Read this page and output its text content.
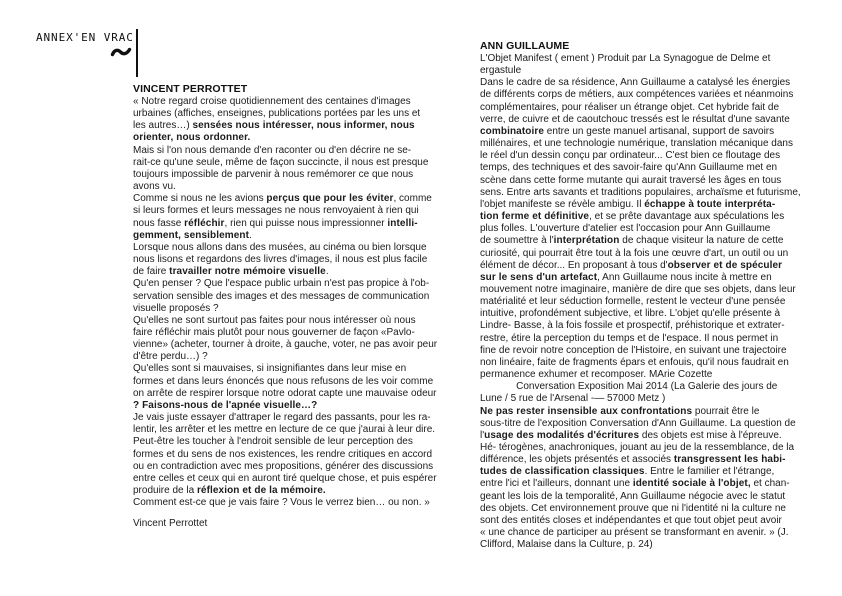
ANNEX'EN VRAC
VINCENT PERROTTET
« Notre regard croise quotidiennement des centaines d'images
urbaines (affiches, enseignes, publications portées par les uns et
les autres…) sensées nous intéresser, nous informer, nous
orienter, nous ordonner.
Mais si l'on nous demande d'en raconter ou d'en décrire ne se-
rait-ce qu'une seule, même de façon succincte, il nous est presque
toujours impossible de parvenir à nous remémorer ce que nous
avons vu.
Comme si nous ne les avions perçus que pour les éviter, comme
si leurs formes et leurs messages ne nous renvoyaient à rien qui
nous fasse réfléchir, rien qui puisse nous impressionner intelli-
gemment, sensiblement.
Lorsque nous allons dans des musées, au cinéma ou bien lorsque
nous lisons et regardons des livres d'images, il nous est plus facile
de faire travailler notre mémoire visuelle.
Qu'en penser ? Que l'espace public urbain n'est pas propice à l'ob-
servation sensible des images et des messages de communication
visuelle proposés ?
Qu'elles ne sont surtout pas faites pour nous intéresser où nous
faire réfléchir mais plutôt pour nous gouverner de façon «Pavlo-
vienne» (acheter, tourner à droite, à gauche, voter, ne pas avoir peur
d'être perdu…) ?
Qu'elles sont si mauvaises, si insignifiantes dans leur mise en
formes et dans leurs énoncés que nous refusons de les voir comme
on arrête de respirer lorsque notre odorat capte une mauvaise odeur
? Faisons-nous de l'apnée visuelle…?
Je vais juste essayer d'attraper le regard des passants, pour les ra-
lentir, les arrêter et les mettre en lecture de ce que j'aurai à leur dire.
Peut-être les toucher à l'endroit sensible de leur perception des
formes et du sens de nos existences, les rendre critiques en accord
ou en contradiction avec mes propositions, générer des discussions
entre celles et ceux qui en auront tiré quelque chose, et puis espérer
produire de la réflexion et de la mémoire.
Comment est-ce que je vais faire ? Vous le verrez bien… ou non. »
Vincent Perrottet
ANN GUILLAUME
L'Objet Manifest ( ement ) Produit par La Synagogue de Delme et
ergastule
Dans le cadre de sa résidence, Ann Guillaume a catalysé les énergies
de différents corps de métiers, aux compétences variées et néanmoins
complémentaires, pour réaliser un étrange objet. Cet hybride fait de
verre, de cuivre et de caoutchouc tressés est le résultat d'une savante
combinatoire entre un geste manuel artisanal, support de savoirs
millénaires, et une technologie numérique, translation mécanique dans
le réel d'un dessin conçu par ordinateur... C'est bien ce floutage des
temps, des techniques et des savoir-faire qu'Ann Guillaume met en
scène dans cette forme mutante qui aurait traversé les âges en tous
sens. Entre arts savants et traditions populaires, archaïsme et futurisme,
l'objet manifeste se révèle ambigu. Il échappe à toute interpréta-
tion ferme et définitive, et se prête davantage aux spéculations les
plus folles. L'ouverture d'atelier est l'occasion pour Ann Guillaume
de soumettre à l'interprétation de chaque visiteur la nature de cette
curiosité, qui pourrait être tout à la fois une œuvre d'art, un outil ou un
élément de décor... En proposant à tous d'observer et de spéculer
sur le sens d'un artefact, Ann Guillaume nous incite à mettre en
mouvement notre imaginaire, manière de dire que ses objets, dans leur
matérialité et leur séduction formelle, restent le vecteur d'une pensée
intuitive, profondément subjective, et libre. L'objet qu'elle présente à
Lindre- Basse, à la fois fossile et prospectif, préhistorique et extrater-
restre, étire la perception du temps et de l'espace. Il nous permet in
fine de revoir notre conception de l'Histoire, en suivant une trajectoire
non linéaire, faite de fragments épars et enfouis, qu'il nous faudrait en
permanence exhumer et recomposer. MArie Cozette
Conversation Exposition Mai 2014 (La Galerie des jours de
Lune / 5 rue de l'Arsenal -— 57000 Metz )
Ne pas rester insensible aux confrontations pourrait être le
sous-titre de l'exposition Conversation d'Ann Guillaume. La question de
l'usage des modalités d'écritures des objets est mise à l'épreuve.
Hé- térogènes, anachroniques, jouant au jeu de la ressemblance, de la
différence, les objets présentés et associés transgressent les habi-
tudes de classification classiques. Entre le familier et l'étrange,
entre l'ici et l'ailleurs, donnant une identité sociale à l'objet, et chan-
geant les lois de la temporalité, Ann Guillaume négocie avec le statut
des objets. Cet environnement prouve que ni l'identité ni la culture ne
sont des entités closes et indépendantes et que tout objet peut avoir
« une chance de participer au présent se transformant en avenir. » (J.
Clifford, Malaise dans la Culture, p. 24)
